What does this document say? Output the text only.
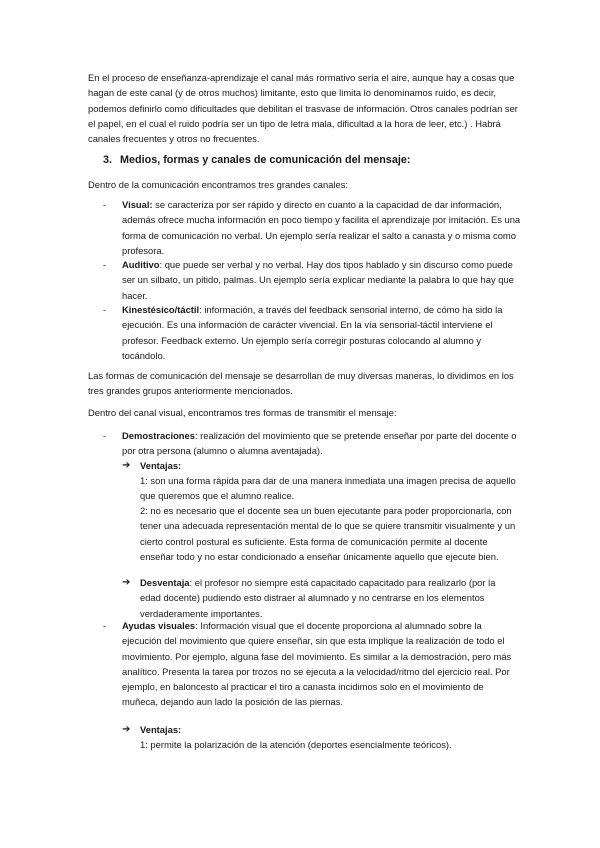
En el proceso de enseñanza-aprendizaje el canal más rormativo sería el aire, aunque hay a cosas que hagan de este canal (y de otros muchos) limitante, esto que limita lo denominamos ruido, es decir, podemos definirlo como dificultades que debilitan el trasvase de información. Otros canales podrían ser el papel, en el cual el ruido podría ser un tipo de letra mala, dificultad a la hora de leer, etc.) . Habrá canales frecuentes y otros no frecuentes.

3. Medios, formas y canales de comunicación del mensaje:

Dentro de la comunicación encontramos tres grandes canales:

- Visual: se caracteriza por ser rápido y directo en cuanto a la capacidad de dar información, además ofrece mucha información en poco tiempo y facilita el aprendizaje por imitación. Es una forma de comunicación no verbal. Un ejemplo sería realizar el salto a canasta y o misma como profesora.
- Auditivo: que puede ser verbal y no verbal. Hay dos tipos hablado y sin discurso como puede ser un silbato, un pitido, palmas. Un ejemplo sería explicar mediante la palabra lo que hay que hacer.
- Kinestésico/táctil: información, a través del feedback sensorial interno, de cómo ha sido la ejecución. Es una información de carácter vivencial. En la vía sensorial-táctil interviene el profesor. Feedback externo. Un ejemplo sería corregir posturas colocando al alumno y tocándolo.

Las formas de comunicación del mensaje se desarrollan de muy diversas maneras, lo dividimos en los tres grandes grupos anteriormente mencionados.

Dentro del canal visual, encontramos tres formas de transmitir el mensaje:

- Demostraciones: realización del movimiento que se pretende enseñar por parte del docente o por otra persona (alumno o alumna aventajada).
➔ Ventajas:
1: son una forma rápida para dar de una manera inmediata una imagen precisa de aquello que queremos que el alumno realice.
2: no es necesario que el docente sea un buen ejecutante para poder proporcionarla, con tener una adecuada representación mental de lo que se quiere transmitir visualmente y un cierto control postural es suficiente. Esta forma de comunicación permite al docente enseñar todo y no estar condicionado a enseñar únicamente aquello que ejecute bien.
➔ Desventaja: el profesor no siempre está capacitado capacitado para realizarlo (por la edad docente) pudiendo esto distraer al alumnado y no centrarse en los elementos verdaderamente importantes.
- Ayudas visuales: Información visual que el docente proporciona al alumnado sobre la ejecución del movimiento que quiere enseñar, sin que esta implique la realización de todo el movimiento. Por ejemplo, alguna fase del movimiento. Es similar a la demostración, pero más analítico. Presenta la tarea por trozos no se ejecuta a la velocidad/ritmo del ejercicio real. Por ejemplo, en baloncesto al practicar el tiro a canasta incidimos solo en el movimiento de muñeca, dejando aun lado la posición de las piernas.
➔ Ventajas:
1: permite la polarización de la atención (deportes esencialmente teóricos).
